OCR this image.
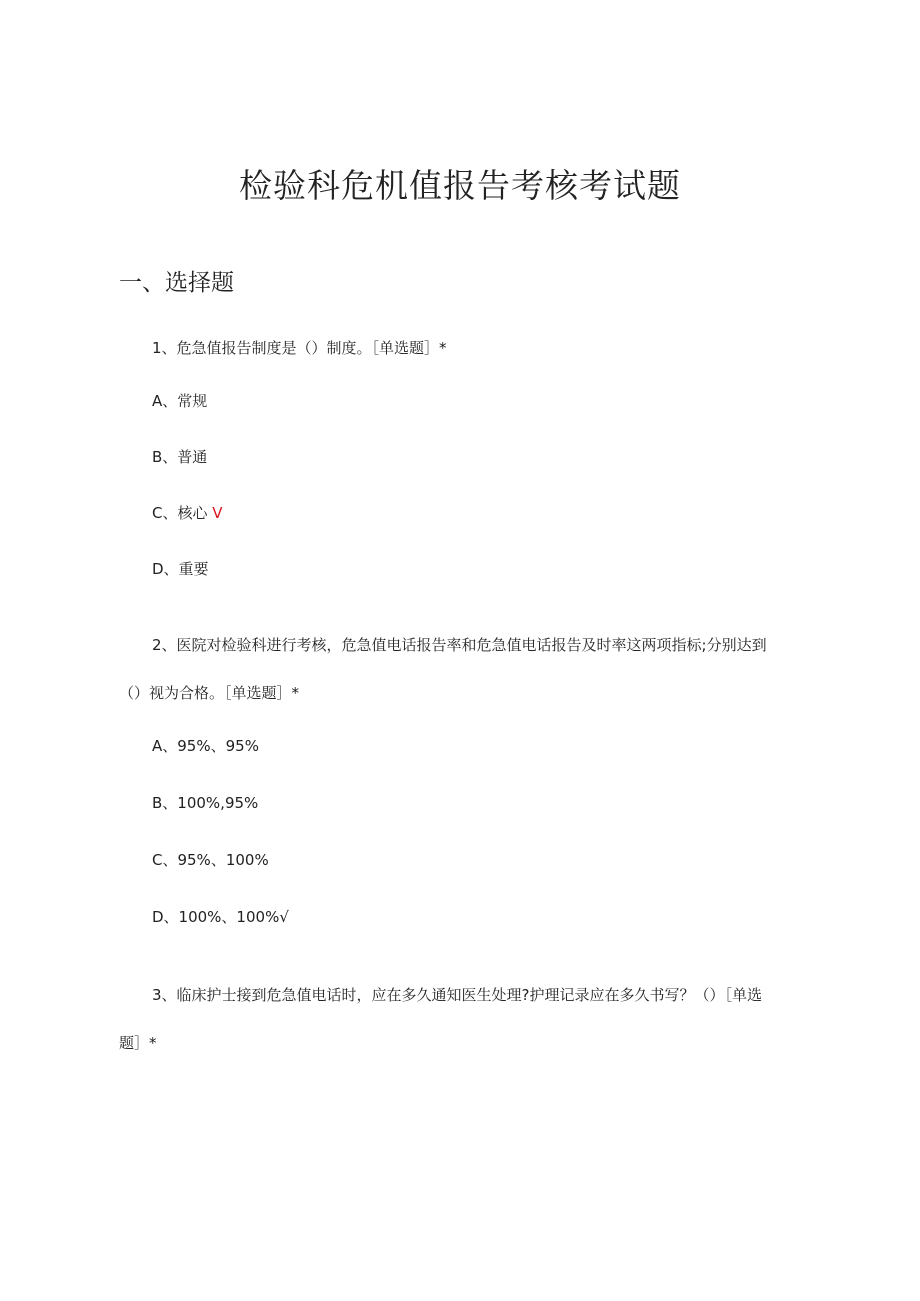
检验科危机值报告考核考试题
一、选择题
1、危急值报告制度是（）制度。［单选题］*
A、常规
B、普通
C、核心 V
D、重要
2、医院对检验科进行考核，危急值电话报告率和危急值电话报告及时率这两项指标;分别达到
（）视为合格。［单选题］*
A、95%、95%
B、100%,95%
C、95%、100%
D、100%、100%√
3、临床护士接到危急值电话时，应在多久通知医生处理?护理记录应在多久书写？（）［单选
题］*
